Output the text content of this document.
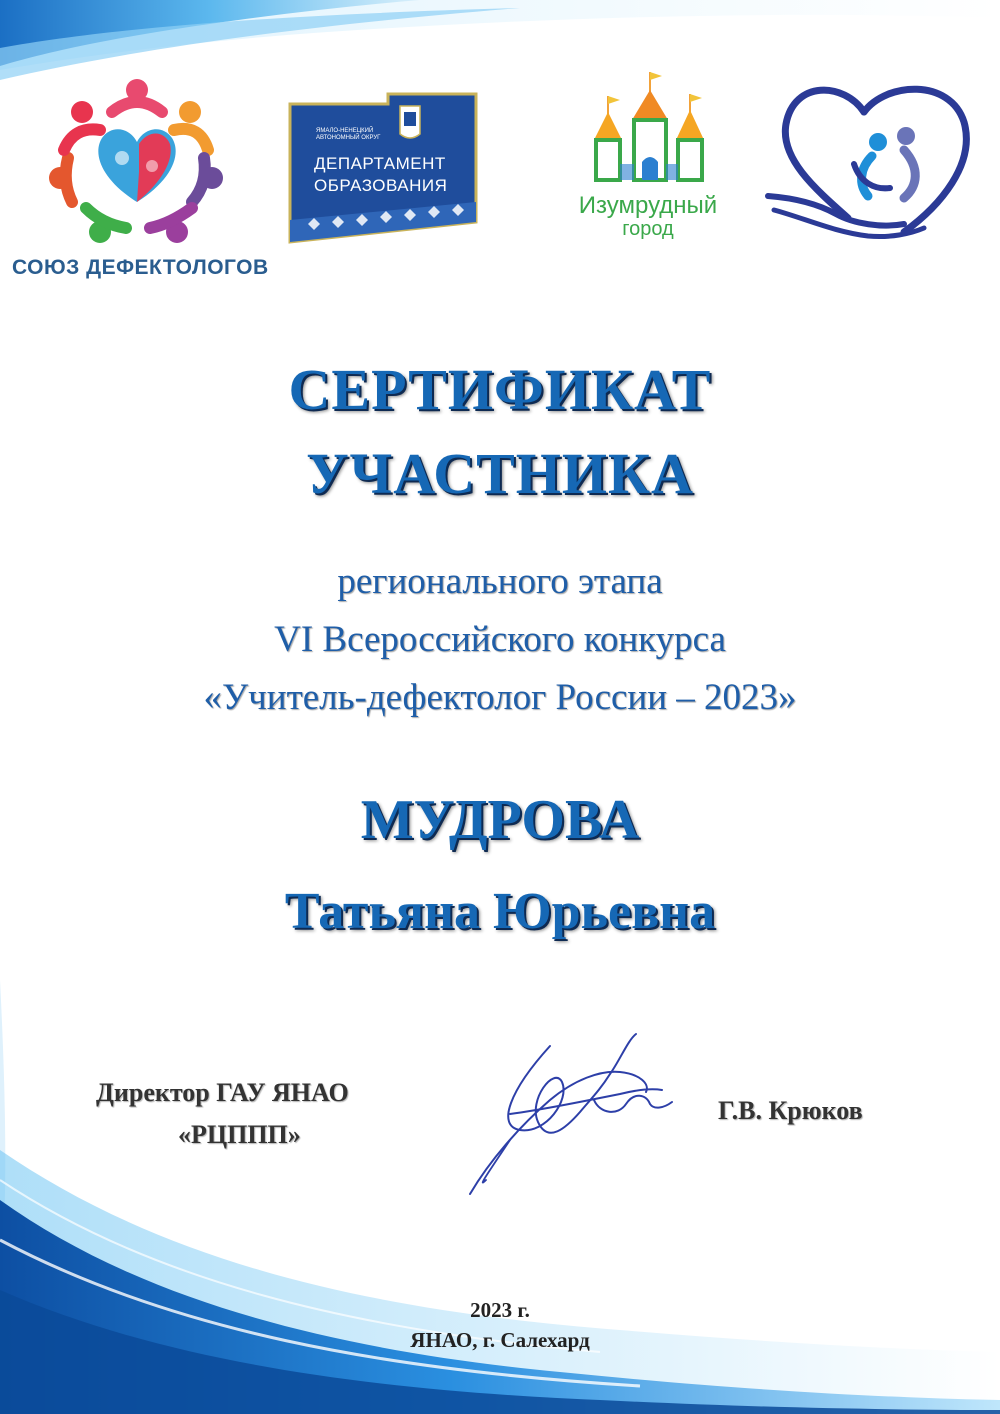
СОЮЗ ДЕФЕКТОЛОГОВ
ЯМАЛО-НЕНЕЦКИЙ АВТОНОМНЫЙ ОКРУГ
ДЕПАРТАМЕНТ
ОБРАЗОВАНИЯ
Изумрудный
город
СЕРТИФИКАТ
УЧАСТНИКА
регионального этапа
VI Всероссийского конкурса
«Учитель-дефектолог России – 2023»
МУДРОВА
Татьяна Юрьевна
Директор ГАУ ЯНАО
«РЦППП»
Г.В. Крюков
2023 г.
ЯНАО, г. Салехард
